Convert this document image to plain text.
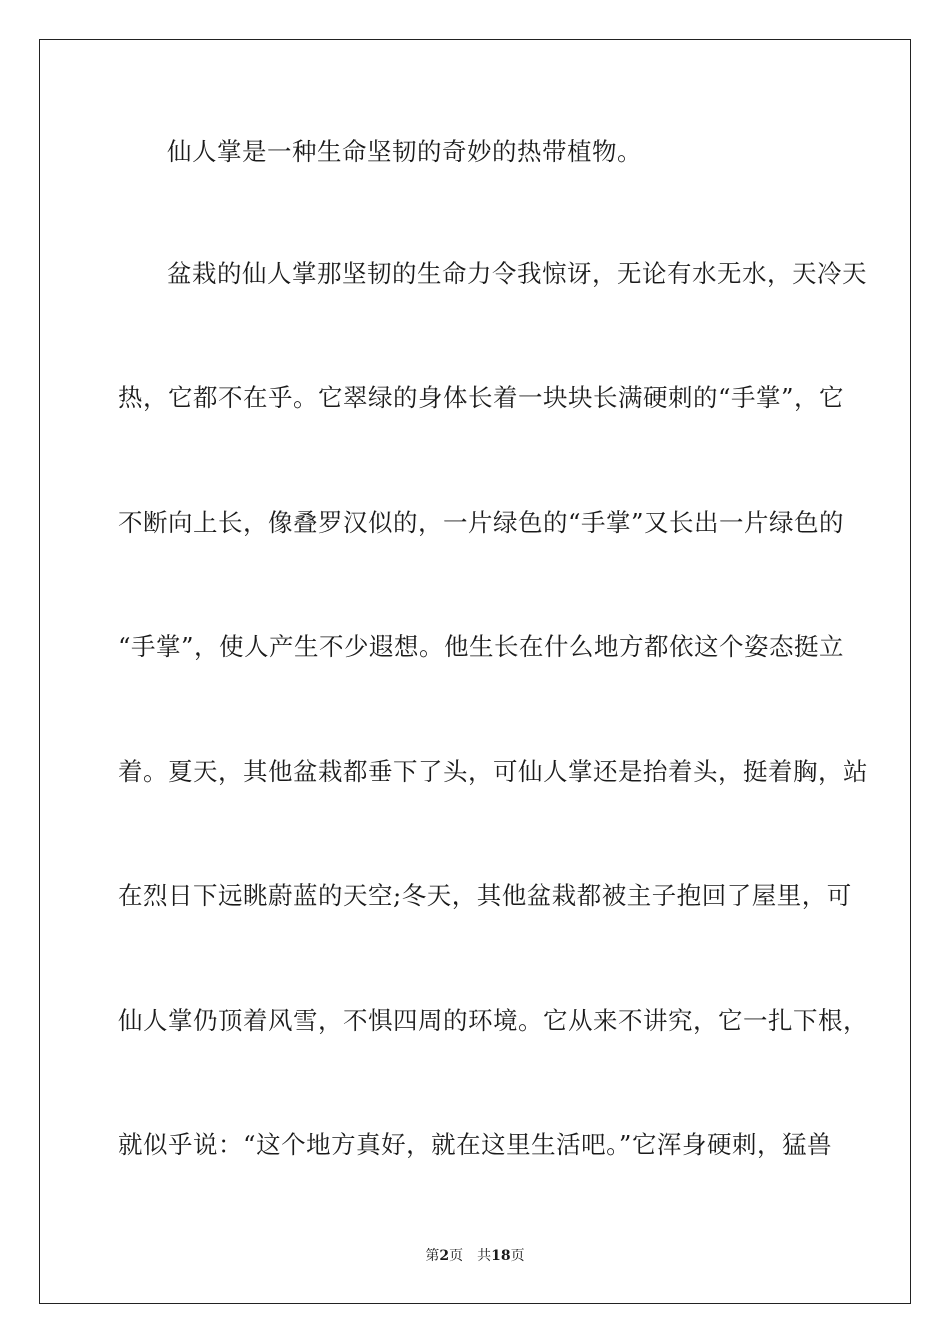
仙人掌是一种生命坚韧的奇妙的热带植物。
盆栽的仙人掌那坚韧的生命力令我惊讶，无论有水无水，天冷天
热，它都不在乎。它翠绿的身体长着一块块长满硬刺的“手掌”，它
不断向上长，像叠罗汉似的，一片绿色的“手掌”又长出一片绿色的
“手掌”，使人产生不少遐想。他生长在什么地方都依这个姿态挺立
着。夏天，其他盆栽都垂下了头，可仙人掌还是抬着头，挺着胸，站
在烈日下远眺蔚蓝的天空;冬天，其他盆栽都被主子抱回了屋里，可
仙人掌仍顶着风雪，不惧四周的环境。它从来不讲究，它一扎下根，
就似乎说：“这个地方真好，就在这里生活吧。”它浑身硬刺，猛兽
第2页 共18页
